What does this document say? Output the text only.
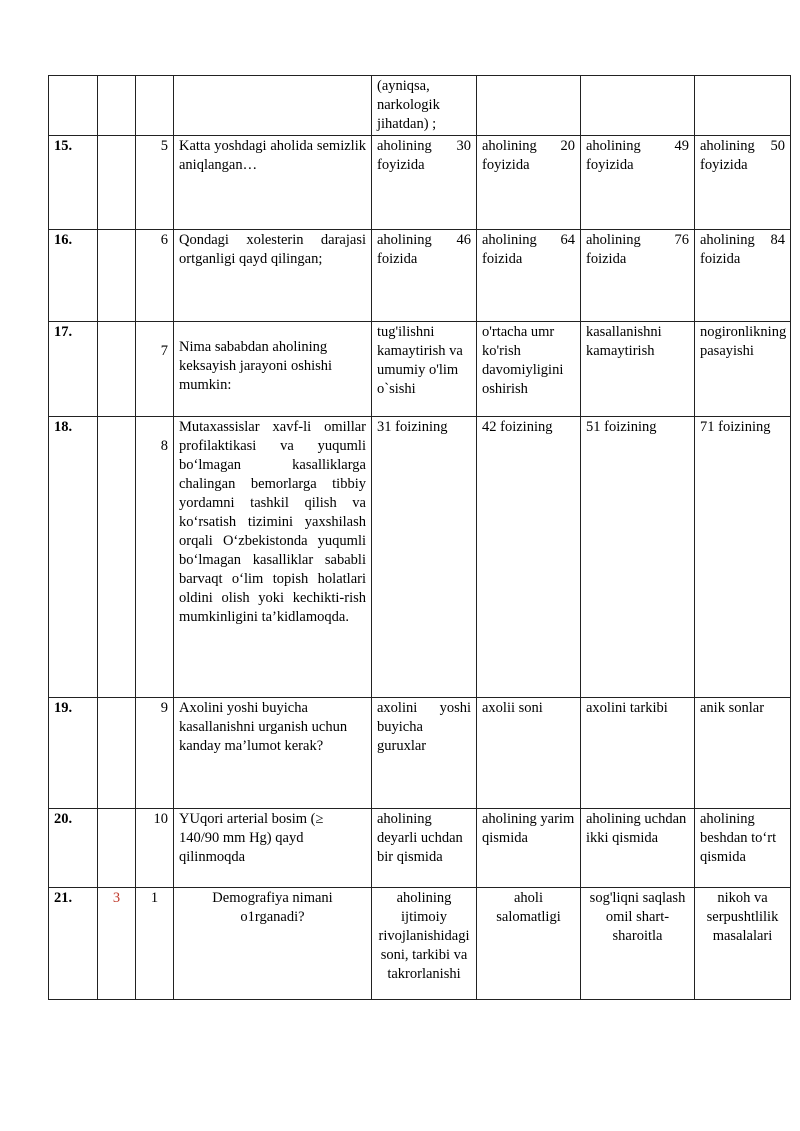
				(ayniqsa, narkologik jihatdan) ;			
15.		5	Katta yoshdagi aholida semizlik aniqlangan…	aholining 30 foyizida	aholining 20 foyizida	aholining 49 foyizida	aholining 50 foyizida
16.		6	Qondagi xolesterin darajasi ortganligi qayd qilingan;	aholining 46 foizida	aholining 64 foizida	aholining 76 foizida	aholining 84 foizida
17.		7	Nima sababdan aholining keksayish jarayoni oshishi mumkin:	tug'ilishni kamaytirish va umumiy o'lim o`sishi	o'rtacha umr ko'rish davomiyligini oshirish	kasallanishni kamaytirish	nogironlikning pasayishi
18.		8	Mutaxassislar xavf-li omillar profilaktikasi va yuqumli bo‘lmagan kasalliklarga chalingan bemorlarga tibbiy yordamni tashkil qilish va ko‘rsatish tizimini yaxshilash orqali O‘zbekistonda yuqumli bo‘lmagan kasalliklar sababli barvaqt o‘lim topish holatlari oldini olish yoki kechikti-rish mumkinligini ta’kidlamoqda.	31 foizining	42 foizining	51 foizining	71 foizining
19.		9	Axolini yoshi buyicha kasallanishni urganish uchun kanday ma’lumot kerak?	axolini yoshi buyicha guruxlar	axolii soni	axolini tarkibi	anik sonlar
20.		10	YUqori arterial bosim (≥ 140/90 mm Hg) qayd qilinmoqda	aholining deyarli uchdan bir qismida	aholining yarim qismida	aholining uchdan ikki qismida	aholining beshdan to‘rt qismida
21.	3	1	Demografiya nimani o1rganadi?	aholining ijtimoiy rivojlanishidagi soni, tarkibi va takrorlanishi	aholi salomatligi	sog'liqni saqlash omil shart-sharoitla	nikoh va serpushtlilik masalalari
